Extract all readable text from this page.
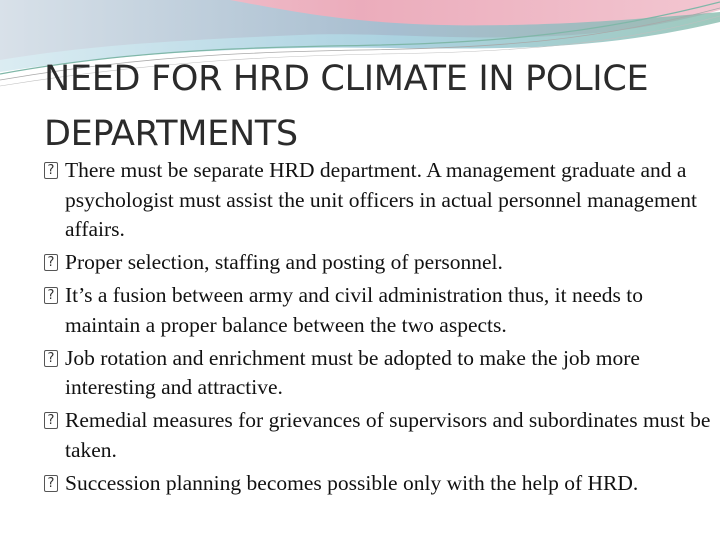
NEED FOR HRD CLIMATE IN POLICE DEPARTMENTS
? There must be separate HRD department. A management graduate and a psychologist must assist the unit officers in actual personnel management affairs.
? Proper selection, staffing and posting of personnel.
? It’s a fusion between army and civil administration thus, it needs to maintain a proper balance between the two aspects.
? Job rotation and enrichment must be adopted to make the job more interesting and attractive.
? Remedial measures for grievances of supervisors and subordinates must be taken.
? Succession planning becomes possible only with the help of HRD.
